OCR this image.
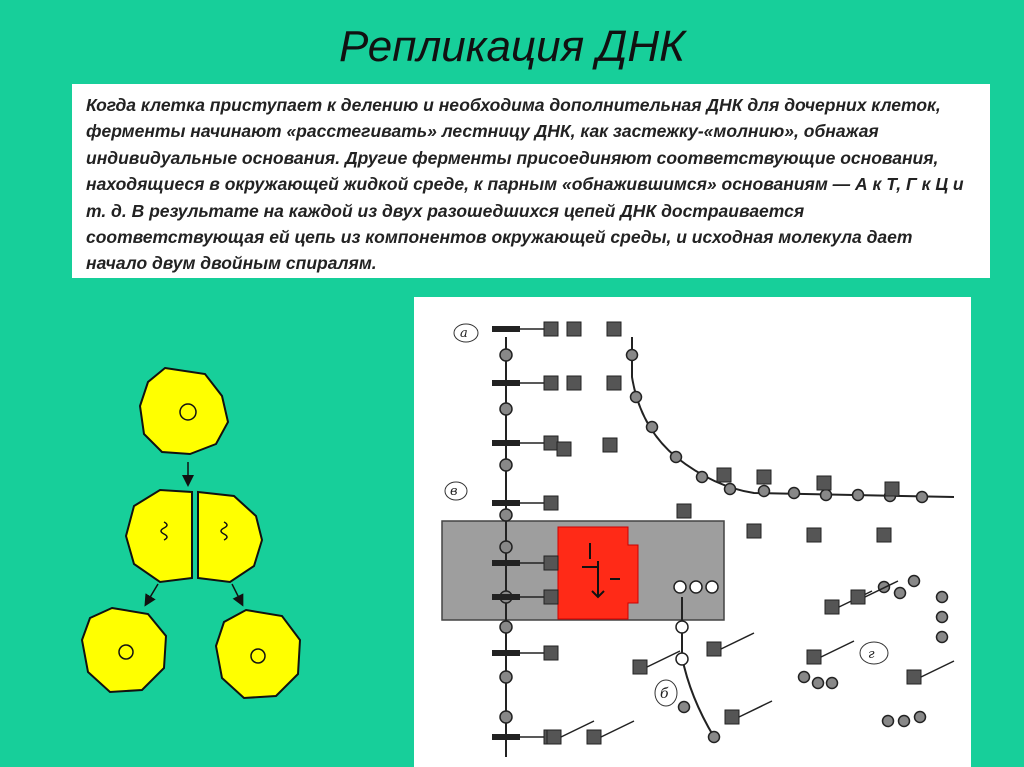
Репликация ДНК

Когда клетка приступает к делению и необходима дополнительная ДНК для дочерних клеток, ферменты начинают «расстегивать» лестницу ДНК, как застежку-«молнию», обнажая индивидуальные основания. Другие ферменты присоединяют соответствующие основания, находящиеся в окружающей жидкой среде, к парным «обнажившимся» основаниям — А к Т, Г к Ц и т. д. В результате на каждой из двух разошедшихся цепей ДНК достраивается соответствующая ей цепь из компонентов окружающей среды, и исходная молекула дает начало двум двойным спиралям.

а
в
б
г
